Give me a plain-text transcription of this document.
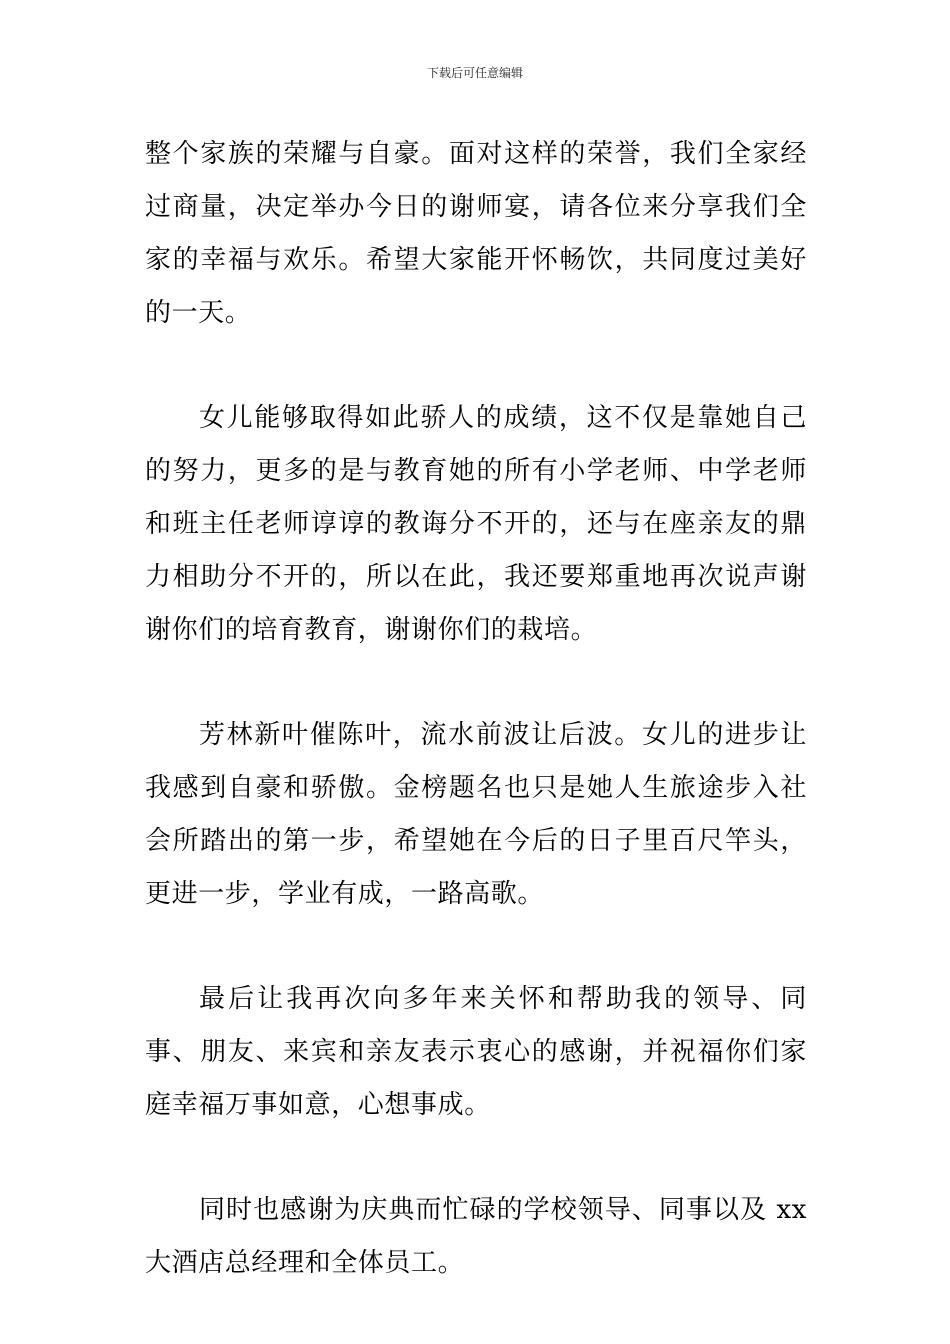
下载后可任意编辑

整个家族的荣耀与自豪。面对这样的荣誉，我们全家经过商量，决定举办今日的谢师宴，请各位来分享我们全家的幸福与欢乐。希望大家能开怀畅饮，共同度过美好的一天。

女儿能够取得如此骄人的成绩，这不仅是靠她自己的努力，更多的是与教育她的所有小学老师、中学老师和班主任老师谆谆的教诲分不开的，还与在座亲友的鼎力相助分不开的，所以在此，我还要郑重地再次说声谢谢你们的培育教育，谢谢你们的栽培。

芳林新叶催陈叶，流水前波让后波。女儿的进步让我感到自豪和骄傲。金榜题名也只是她人生旅途步入社会所踏出的第一步，希望她在今后的日子里百尺竿头，更进一步，学业有成，一路高歌。

最后让我再次向多年来关怀和帮助我的领导、同事、朋友、来宾和亲友表示衷心的感谢，并祝福你们家庭幸福万事如意，心想事成。

同时也感谢为庆典而忙碌的学校领导、同事以及 xx 大酒店总经理和全体员工。
